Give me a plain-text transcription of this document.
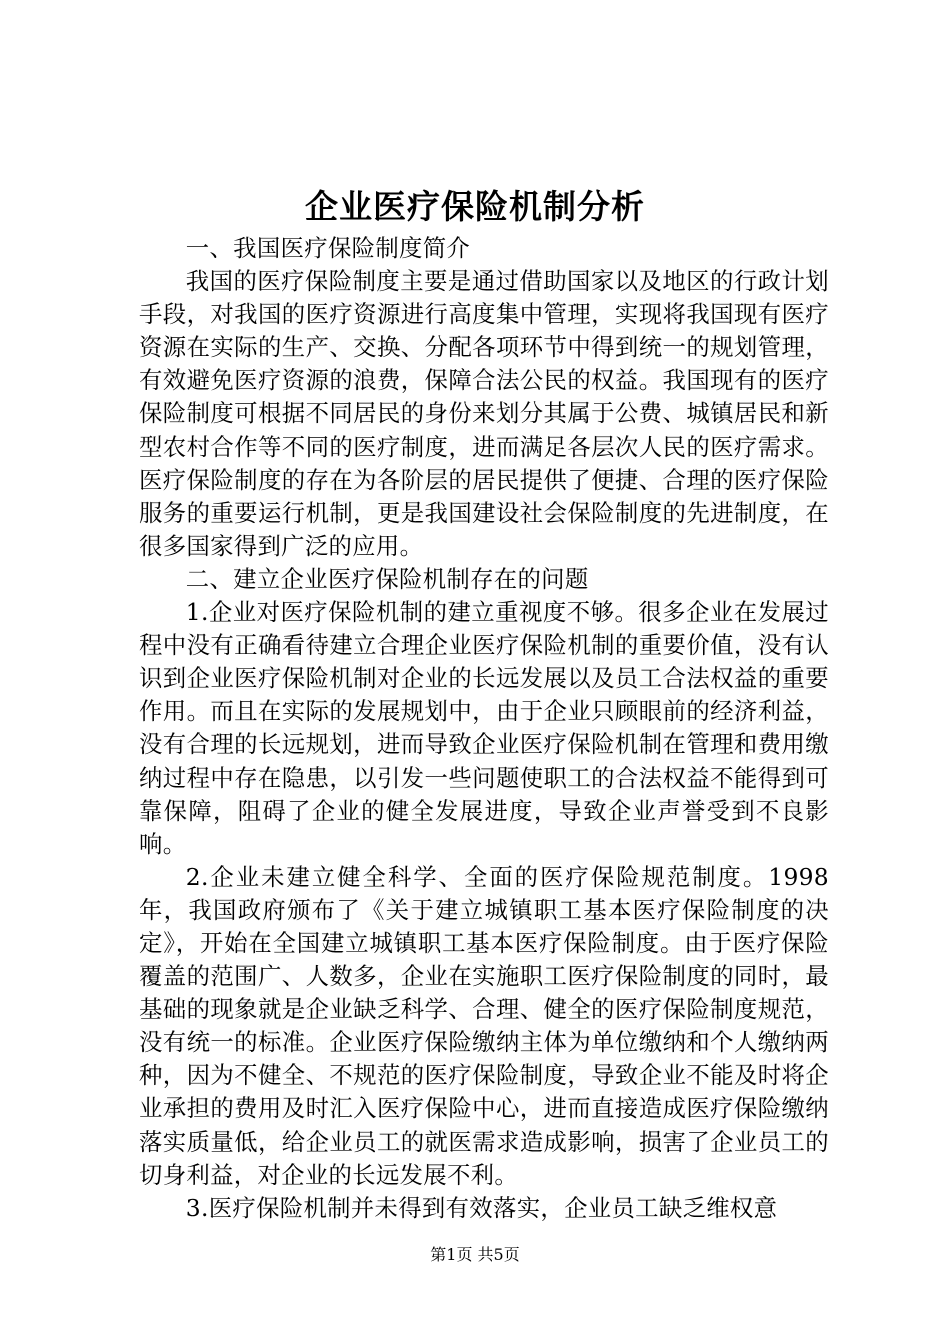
企业医疗保险机制分析

一、我国医疗保险制度简介

我国的医疗保险制度主要是通过借助国家以及地区的行政计划手段，对我国的医疗资源进行高度集中管理，实现将我国现有医疗资源在实际的生产、交换、分配各项环节中得到统一的规划管理，有效避免医疗资源的浪费，保障合法公民的权益。我国现有的医疗保险制度可根据不同居民的身份来划分其属于公费、城镇居民和新型农村合作等不同的医疗制度，进而满足各层次人民的医疗需求。医疗保险制度的存在为各阶层的居民提供了便捷、合理的医疗保险服务的重要运行机制，更是我国建设社会保险制度的先进制度，在很多国家得到广泛的应用。

二、建立企业医疗保险机制存在的问题

1.企业对医疗保险机制的建立重视度不够。很多企业在发展过程中没有正确看待建立合理企业医疗保险机制的重要价值，没有认识到企业医疗保险机制对企业的长远发展以及员工合法权益的重要作用。而且在实际的发展规划中，由于企业只顾眼前的经济利益，没有合理的长远规划，进而导致企业医疗保险机制在管理和费用缴纳过程中存在隐患，以引发一些问题使职工的合法权益不能得到可靠保障，阻碍了企业的健全发展进度，导致企业声誉受到不良影响。

2.企业未建立健全科学、全面的医疗保险规范制度。1998年，我国政府颁布了《关于建立城镇职工基本医疗保险制度的决定》，开始在全国建立城镇职工基本医疗保险制度。由于医疗保险覆盖的范围广、人数多，企业在实施职工医疗保险制度的同时，最基础的现象就是企业缺乏科学、合理、健全的医疗保险制度规范，没有统一的标准。企业医疗保险缴纳主体为单位缴纳和个人缴纳两种，因为不健全、不规范的医疗保险制度，导致企业不能及时将企业承担的费用及时汇入医疗保险中心，进而直接造成医疗保险缴纳落实质量低，给企业员工的就医需求造成影响，损害了企业员工的切身利益，对企业的长远发展不利。

3.医疗保险机制并未得到有效落实，企业员工缺乏维权意

第1页 共5页
